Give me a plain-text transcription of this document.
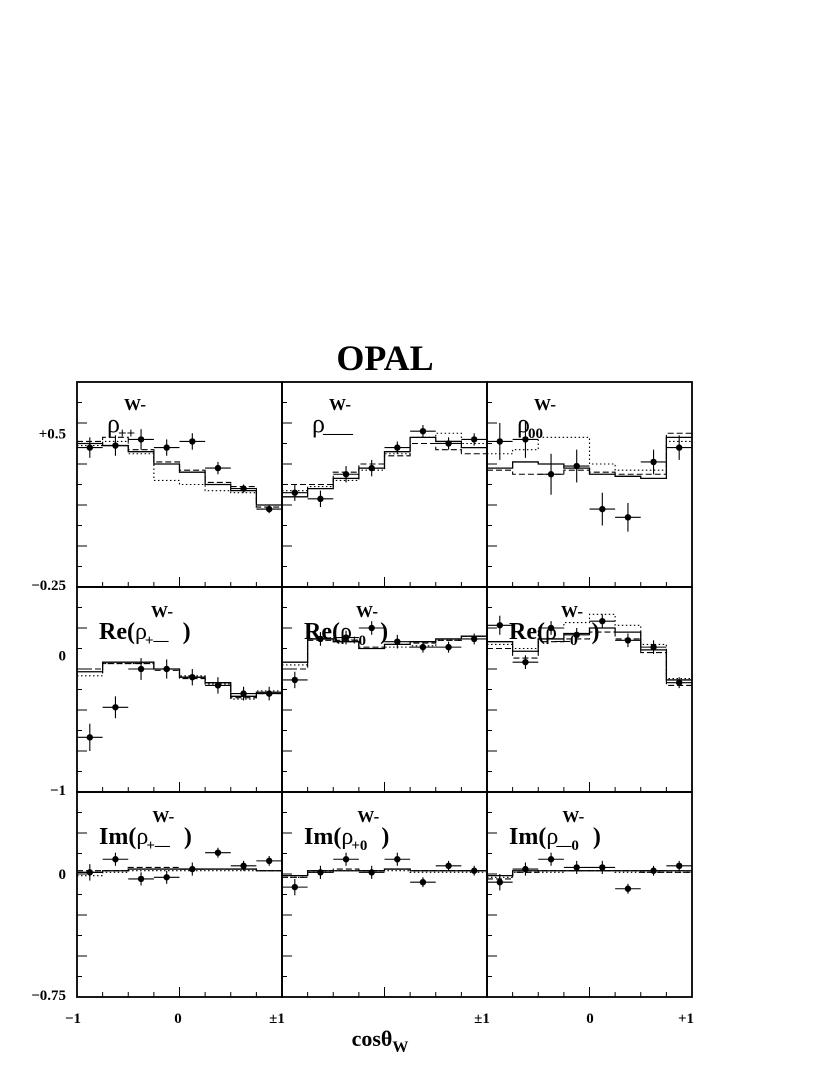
OPAL
$\rho^{W-}++$	$\rho^{W-}——$	$\rho^{W-}00$
$Re(\rho^{W-}+—$ )	$Re(\rho^{W-}+0$ )	$Re(\rho^{W-}—0$ )
$Im(\rho^{W-}+—$ )	$Im(\rho^{W-}+0$ )	$Im(\rho^{W-}—0$ )
+0.5
−0.25
0
−1
0
−0.75
−1	0	±1	±1	0	+1
cosθ$_W$
